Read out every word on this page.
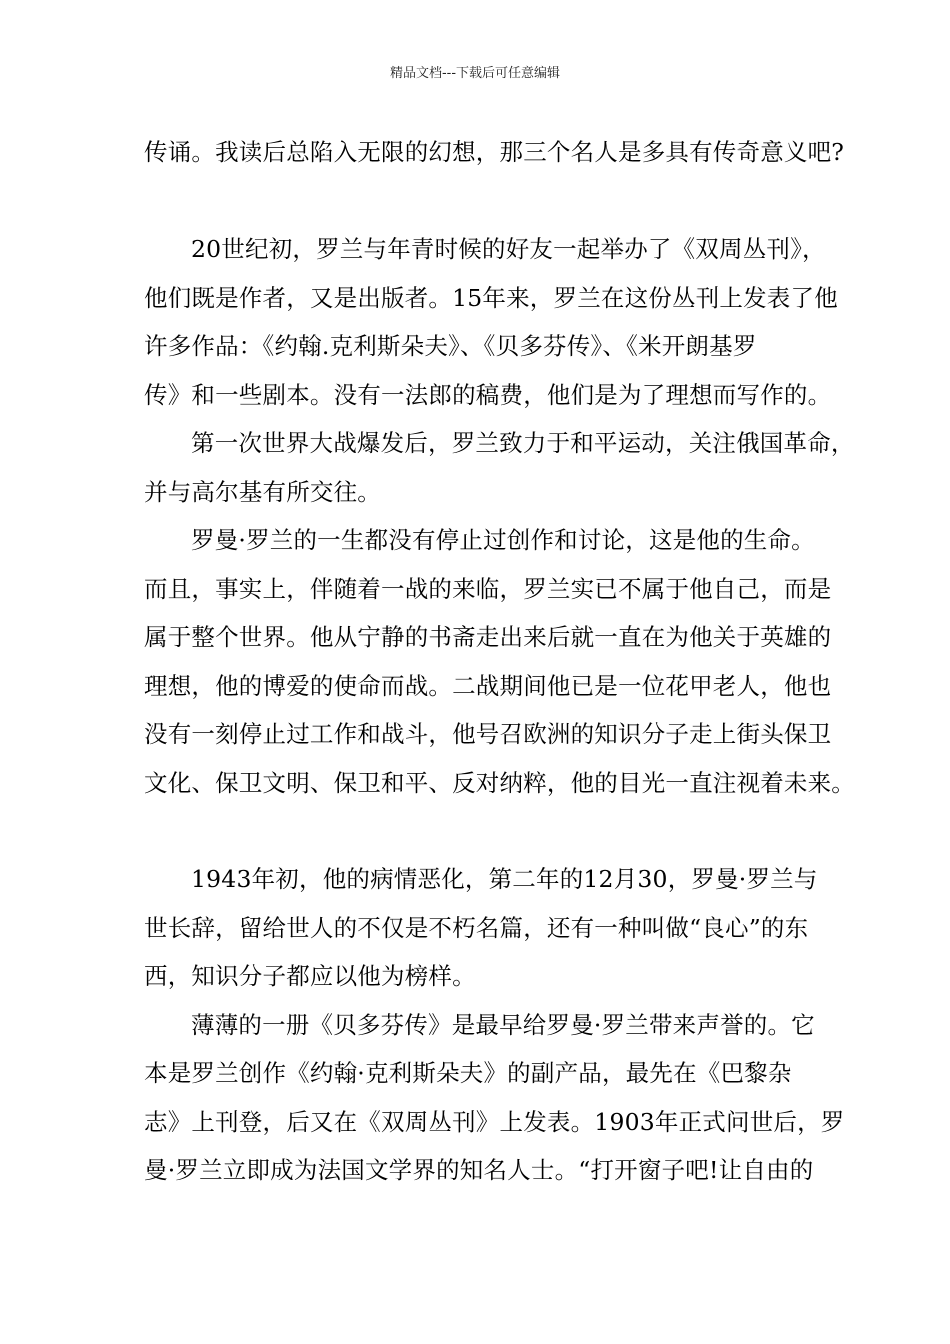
精品文档---下载后可任意编辑
传诵。我读后总陷入无限的幻想，那三个名人是多具有传奇意义吧?
20世纪初，罗兰与年青时候的好友一起举办了《双周丛刊》，
他们既是作者，又是出版者。15年来，罗兰在这份丛刊上发表了他
许多作品：《约翰.克利斯朵夫》、《贝多芬传》、《米开朗基罗
传》和一些剧本。没有一法郎的稿费，他们是为了理想而写作的。
第一次世界大战爆发后，罗兰致力于和平运动，关注俄国革命，
并与高尔基有所交往。
罗曼·罗兰的一生都没有停止过创作和讨论，这是他的生命。
而且，事实上，伴随着一战的来临，罗兰实已不属于他自己，而是
属于整个世界。他从宁静的书斋走出来后就一直在为他关于英雄的
理想，他的博爱的使命而战。二战期间他已是一位花甲老人，他也
没有一刻停止过工作和战斗，他号召欧洲的知识分子走上街头保卫
文化、保卫文明、保卫和平、反对纳粹，他的目光一直注视着未来。
1943年初，他的病情恶化，第二年的12月30，罗曼·罗兰与
世长辞，留给世人的不仅是不朽名篇，还有一种叫做“良心”的东
西，知识分子都应以他为榜样。
薄薄的一册《贝多芬传》是最早给罗曼·罗兰带来声誉的。它
本是罗兰创作《约翰·克利斯朵夫》的副产品，最先在《巴黎杂
志》上刊登，后又在《双周丛刊》上发表。1903年正式问世后，罗
曼·罗兰立即成为法国文学界的知名人士。“打开窗子吧!让自由的
